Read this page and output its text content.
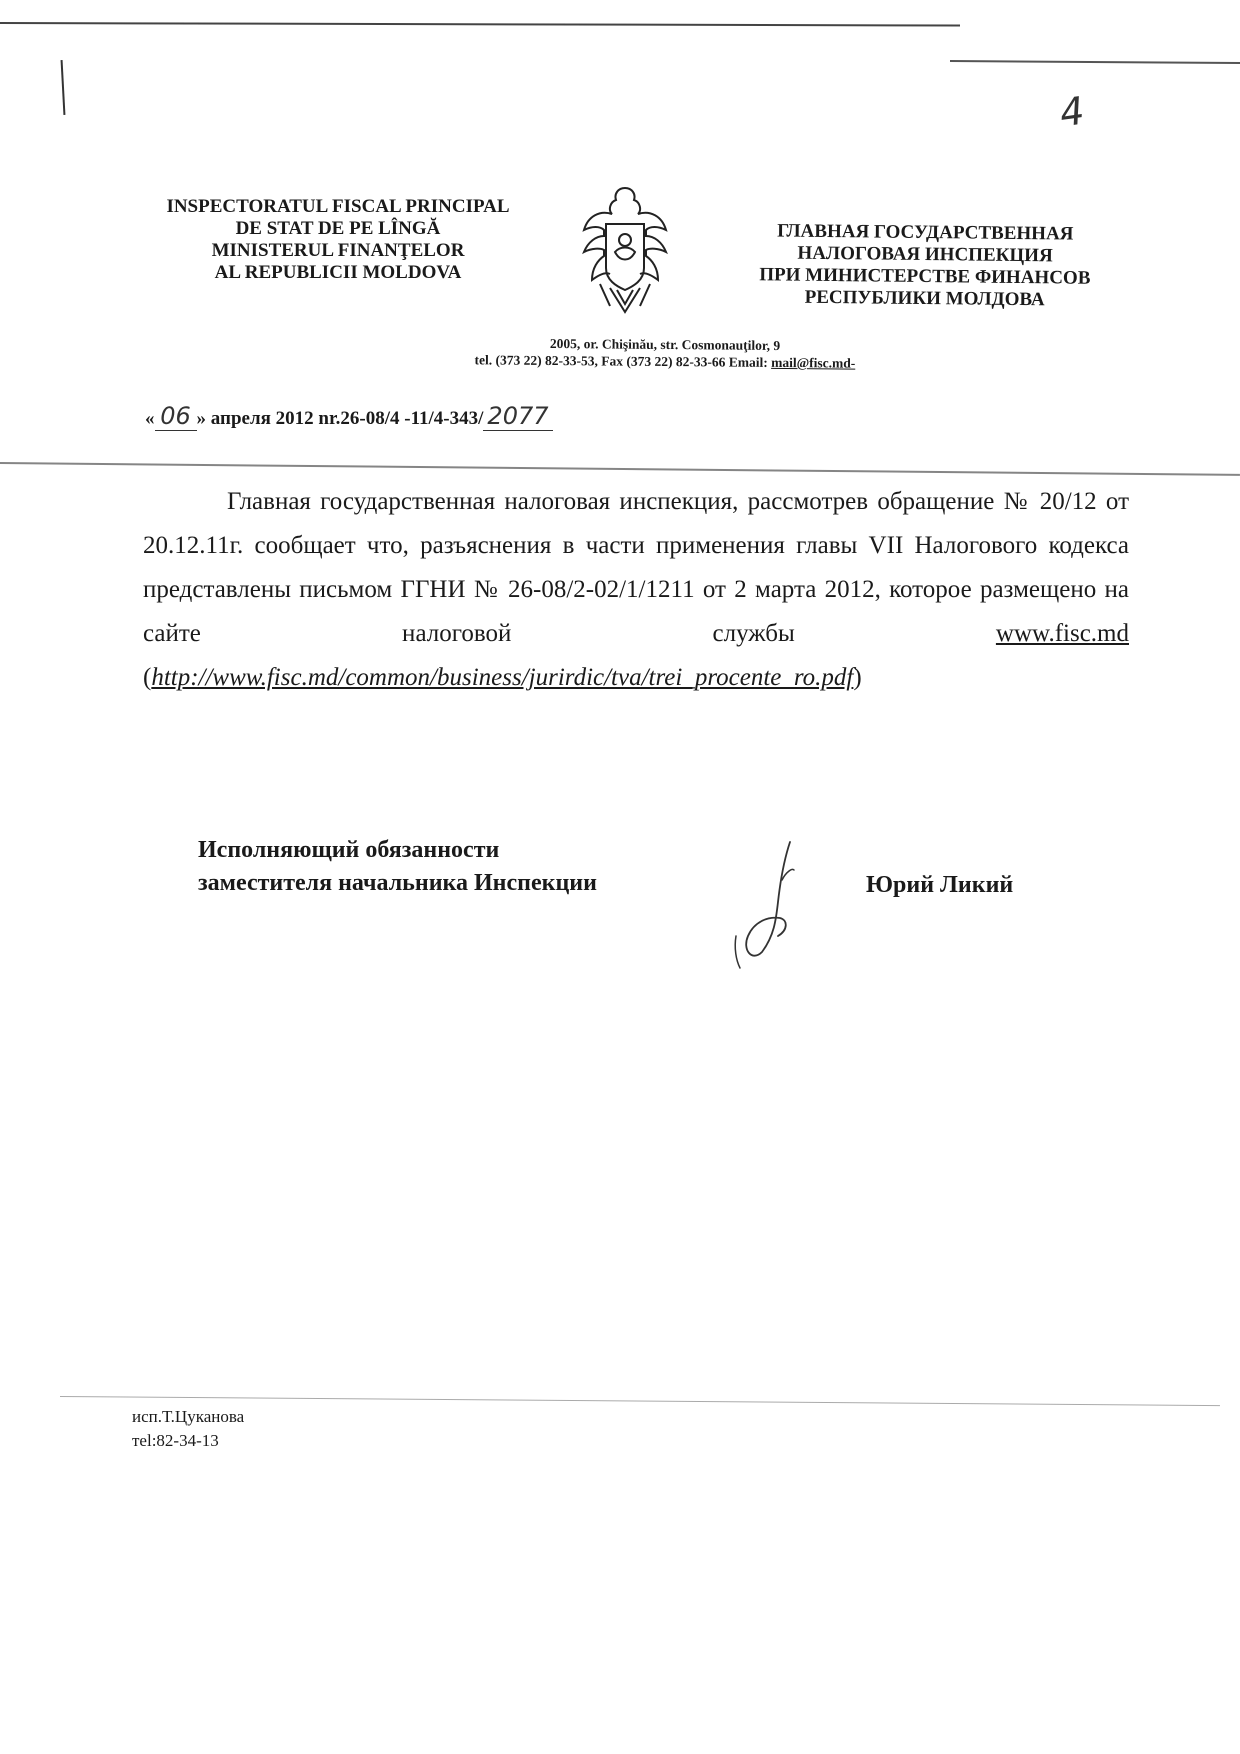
4
INSPECTORATUL FISCAL PRINCIPAL
DE STAT DE PE LÎNGĂ
MINISTERUL FINANŢELOR
AL REPUBLICII MOLDOVA
ГЛАВНАЯ ГОСУДАРСТВЕННАЯ
НАЛОГОВАЯ ИНСПЕКЦИЯ
ПРИ МИНИСТЕРСТВЕ ФИНАНСОВ
РЕСПУБЛИКИ МОЛДОВА
2005, or. Chişinău, str. Cosmonauţilor, 9
tel. (373 22) 82-33-53, Fax (373 22) 82-33-66 Email: mail@fisc.md-
« 06 » апреля 2012 nr.26-08/4 -11/4-343/ 2077

Главная государственная налоговая инспекция, рассмотрев обращение № 20/12 от 20.12.11г. сообщает что, разъяснения в части применения главы VII Налогового кодекса представлены письмом ГГНИ № 26-08/2-02/1/1211 от 2 марта 2012, которое размещено на сайте налоговой службы www.fisc.md (http://www.fisc.md/common/business/jurirdic/tva/trei_procente_ro.pdf)

Исполняющий обязанности
заместителя начальника Инспекции	Юрий Ликий
исп.Т.Цуканова
тel:82-34-13
